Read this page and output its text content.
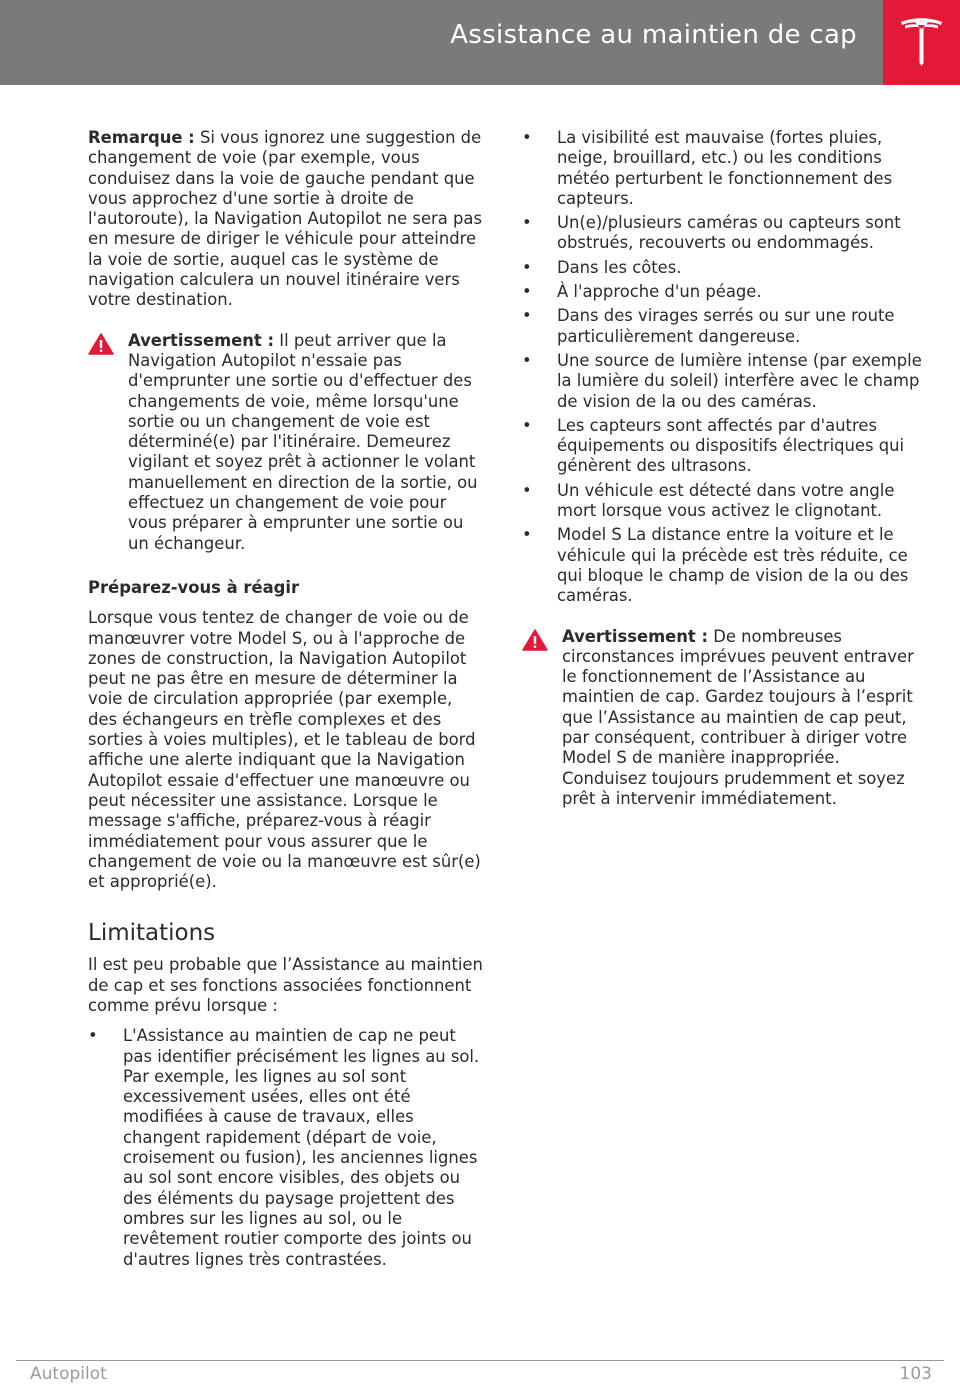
Assistance au maintien de cap

Remarque : Si vous ignorez une suggestion de changement de voie (par exemple, vous conduisez dans la voie de gauche pendant que vous approchez d'une sortie à droite de l'autoroute), la Navigation Autopilot ne sera pas en mesure de diriger le véhicule pour atteindre la voie de sortie, auquel cas le système de navigation calculera un nouvel itinéraire vers votre destination.

Avertissement : Il peut arriver que la Navigation Autopilot n'essaie pas d'emprunter une sortie ou d'effectuer des changements de voie, même lorsqu'une sortie ou un changement de voie est déterminé(e) par l'itinéraire. Demeurez vigilant et soyez prêt à actionner le volant manuellement en direction de la sortie, ou effectuez un changement de voie pour vous préparer à emprunter une sortie ou un échangeur.

Préparez-vous à réagir

Lorsque vous tentez de changer de voie ou de manœuvrer votre Model S, ou à l'approche de zones de construction, la Navigation Autopilot peut ne pas être en mesure de déterminer la voie de circulation appropriée (par exemple, des échangeurs en trèfle complexes et des sorties à voies multiples), et le tableau de bord affiche une alerte indiquant que la Navigation Autopilot essaie d'effectuer une manœuvre ou peut nécessiter une assistance. Lorsque le message s'affiche, préparez-vous à réagir immédiatement pour vous assurer que le changement de voie ou la manœuvre est sûr(e) et approprié(e).

Limitations

Il est peu probable que l’Assistance au maintien de cap et ses fonctions associées fonctionnent comme prévu lorsque :

• L'Assistance au maintien de cap ne peut pas identifier précisément les lignes au sol. Par exemple, les lignes au sol sont excessivement usées, elles ont été modifiées à cause de travaux, elles changent rapidement (départ de voie, croisement ou fusion), les anciennes lignes au sol sont encore visibles, des objets ou des éléments du paysage projettent des ombres sur les lignes au sol, ou le revêtement routier comporte des joints ou d'autres lignes très contrastées.
• La visibilité est mauvaise (fortes pluies, neige, brouillard, etc.) ou les conditions météo perturbent le fonctionnement des capteurs.
• Un(e)/plusieurs caméras ou capteurs sont obstrués, recouverts ou endommagés.
• Dans les côtes.
• À l'approche d'un péage.
• Dans des virages serrés ou sur une route particulièrement dangereuse.
• Une source de lumière intense (par exemple la lumière du soleil) interfère avec le champ de vision de la ou des caméras.
• Les capteurs sont affectés par d'autres équipements ou dispositifs électriques qui génèrent des ultrasons.
• Un véhicule est détecté dans votre angle mort lorsque vous activez le clignotant.
• Model S La distance entre la voiture et le véhicule qui la précède est très réduite, ce qui bloque le champ de vision de la ou des caméras.

Avertissement : De nombreuses circonstances imprévues peuvent entraver le fonctionnement de l’Assistance au maintien de cap. Gardez toujours à l’esprit que l’Assistance au maintien de cap peut, par conséquent, contribuer à diriger votre Model S de manière inappropriée. Conduisez toujours prudemment et soyez prêt à intervenir immédiatement.

Autopilot	103
